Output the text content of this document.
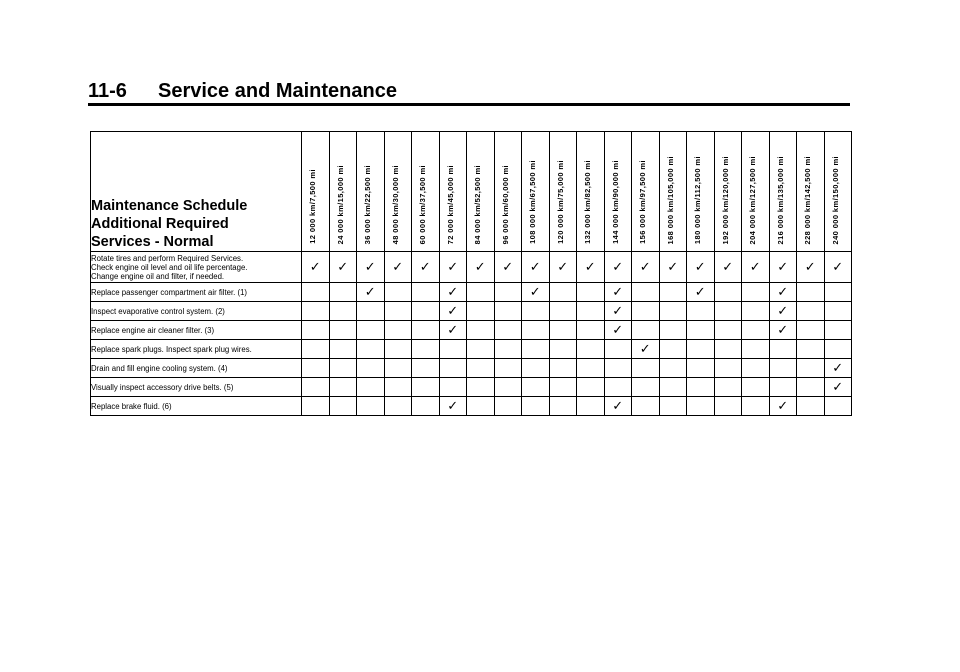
11-6 Service and Maintenance
Maintenance Schedule
Additional Required
Services - Normal	12 000 km/7,500 mi	24 000 km/15,000 mi	36 000 km/22,500 mi	48 000 km/30,000 mi	60 000 km/37,500 mi	72 000 km/45,000 mi	84 000 km/52,500 mi	96 000 km/60,000 mi	108 000 km/67,500 mi	120 000 km/75,000 mi	132 000 km/82,500 mi	144 000 km/90,000 mi	156 000 km/97,500 mi	168 000 km/105,000 mi	180 000 km/112,500 mi	192 000 km/120,000 mi	204 000 km/127,500 mi	216 000 km/135,000 mi	228 000 km/142,500 mi	240 000 km/150,000 mi

Rotate tires and perform Required Services.
Check engine oil level and oil life percentage.
Change engine oil and filter, if needed.	✓	✓	✓	✓	✓	✓	✓	✓	✓	✓	✓	✓	✓	✓	✓	✓	✓	✓	✓	✓

Replace passenger compartment air filter. (1)			✓			✓			✓			✓			✓			✓		

Inspect evaporative control system. (2)						✓						✓						✓		

Replace engine air cleaner filter. (3)						✓						✓						✓		

Replace spark plugs. Inspect spark plug wires.													✓							

Drain and fill engine cooling system. (4)																				✓

Visually inspect accessory drive belts. (5)																				✓

Replace brake fluid. (6)						✓						✓						✓		
